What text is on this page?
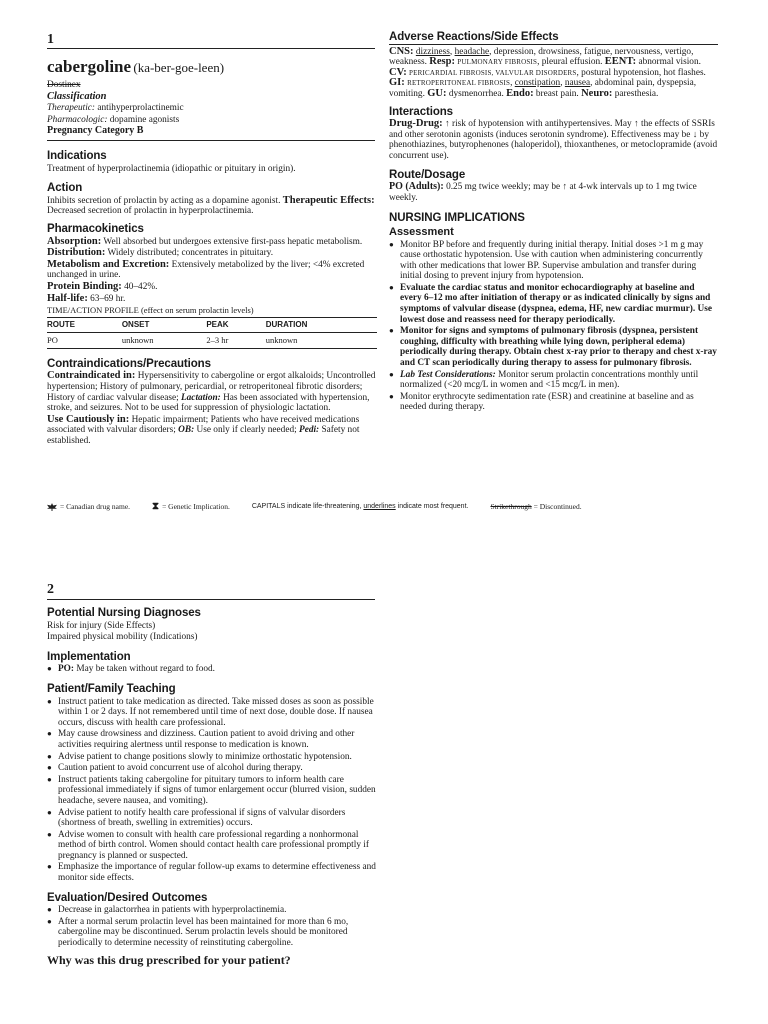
1

cabergoline (ka-ber-goe-leen)

Dostinex

Classification

Therapeutic: antihyperprolactinemic

Pharmacologic: dopamine agonists

Pregnancy Category B

Indications

Treatment of hyperprolactinemia (idiopathic or pituitary in origin).

Action

Inhibits secretion of prolactin by acting as a dopamine agonist. Therapeutic Effects: Decreased secretion of prolactin in hyperprolactinemia.

Pharmacokinetics

Absorption: Well absorbed but undergoes extensive first-pass hepatic metabolism.

Distribution: Widely distributed; concentrates in pituitary.

Metabolism and Excretion: Extensively metabolized by the liver; <4% excreted unchanged in urine.

Protein Binding: 40–42%.

Half-life: 63–69 hr.

TIME/ACTION PROFILE (effect on serum prolactin levels)

ROUTE	ONSET	PEAK	DURATION
PO	unknown	2–3 hr	unknown
Contraindications/Precautions

Contraindicated in: Hypersensitivity to cabergoline or ergot alkaloids; Uncontrolled hypertension; History of pulmonary, pericardial, or retroperitoneal fibrotic disorders; History of cardiac valvular disease; Lactation: Has been associated with hypertension, stroke, and seizures. Not to be used for suppression of physiologic lactation.

Use Cautiously in: Hepatic impairment; Patients who have received medications associated with valvular disorders; OB: Use only if clearly needed; Pedi: Safety not established.

Adverse Reactions/Side Effects

CNS: dizziness, headache, depression, drowsiness, fatigue, nervousness, vertigo, weakness. Resp: PULMONARY FIBROSIS, pleural effusion. EENT: abnormal vision. CV: PERICARDIAL FIBROSIS, VALVULAR DISORDERS, postural hypotension, hot flashes. GI: RETROPERITONEAL FIBROSIS, constipation, nausea, abdominal pain, dyspepsia, vomiting. GU: dysmenorrhea. Endo: breast pain. Neuro: paresthesia.

Interactions

Drug-Drug: ↑ risk of hypotension with antihypertensives. May ↑ the effects of SSRIs and other serotonin agonists (induces serotonin syndrome). Effectiveness may be ↓ by phenothiazines, butyrophenones (haloperidol), thioxanthenes, or metoclopramide (avoid concurrent use).

Route/Dosage

PO (Adults): 0.25 mg twice weekly; may be ↑ at 4-wk intervals up to 1 mg twice weekly.

NURSING IMPLICATIONS
Assessment
● Monitor BP before and frequently during initial therapy. Initial doses >1 m g may cause orthostatic hypotension. Use with caution when administering concurrently with other medications that lower BP. Supervise ambulation and transfer during initial dosing to prevent injury from hypotension.
● Evaluate the cardiac status and monitor echocardiography at baseline and every 6–12 mo after initiation of therapy or as indicated clinically by signs and symptoms of valvular disease (dyspnea, edema, HF, new cardiac murmur). Use lowest dose and reassess need for therapy periodically.
● Monitor for signs and symptoms of pulmonary fibrosis (dyspnea, persistent coughing, difficulty with breathing while lying down, peripheral edema) periodically during therapy. Obtain chest x-ray prior to therapy and chest x-ray and CT scan periodically during therapy to assess for pulmonary fibrosis.
● Lab Test Considerations: Monitor serum prolactin concentrations monthly until normalized (<20 mcg/L in women and <15 mcg/L in men).
● Monitor erythrocyte sedimentation rate (ESR) and creatinine at baseline and as needed during therapy.
= Canadian drug name. ⧗ = Genetic Implication.	CAPITALS indicate life-threatening, underlines indicate most frequent.	Strikethrough = Discontinued.
2
Potential Nursing Diagnoses

Risk for injury (Side Effects)

Impaired physical mobility (Indications)

Implementation
● PO: May be taken without regard to food.
Patient/Family Teaching
● Instruct patient to take medication as directed. Take missed doses as soon as possible within 1 or 2 days. If not remembered until time of next dose, double dose. If nausea occurs, discuss with health care professional.
● May cause drowsiness and dizziness. Caution patient to avoid driving and other activities requiring alertness until response to medication is known.
● Advise patient to change positions slowly to minimize orthostatic hypotension.
● Caution patient to avoid concurrent use of alcohol during therapy.
● Instruct patients taking cabergoline for pituitary tumors to inform health care professional immediately if signs of tumor enlargement occur (blurred vision, sudden headache, severe nausea, and vomiting).
● Advise patient to notify health care professional if signs of valvular disorders (shortness of breath, swelling in extremities) occurs.
● Advise women to consult with health care professional regarding a nonhormonal method of birth control. Women should contact health care professional promptly if pregnancy is planned or suspected.
● Emphasize the importance of regular follow-up exams to determine effectiveness and monitor side effects.
Evaluation/Desired Outcomes
● Decrease in galactorrhea in patients with hyperprolactinemia.
● After a normal serum prolactin level has been maintained for more than 6 mo, cabergoline may be discontinued. Serum prolactin levels should be monitored periodically to determine necessity of reinstituting cabergoline.

Why was this drug prescribed for your patient?
